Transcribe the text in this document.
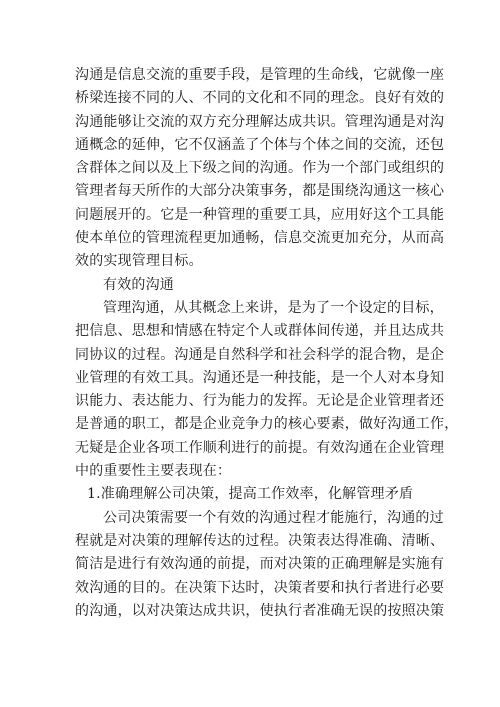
沟通是信息交流的重要手段，是管理的生命线，它就像一座
桥梁连接不同的人、不同的文化和不同的理念。良好有效的
沟通能够让交流的双方充分理解达成共识。管理沟通是对沟
通概念的延伸，它不仅涵盖了个体与个体之间的交流，还包
含群体之间以及上下级之间的沟通。作为一个部门或组织的
管理者每天所作的大部分决策事务，都是围绕沟通这一核心
问题展开的。它是一种管理的重要工具，应用好这个工具能
使本单位的管理流程更加通畅，信息交流更加充分，从而高
效的实现管理目标。
有效的沟通
管理沟通，从其概念上来讲，是为了一个设定的目标，
把信息、思想和情感在特定个人或群体间传递，并且达成共
同协议的过程。沟通是自然科学和社会科学的混合物，是企
业管理的有效工具。沟通还是一种技能，是一个人对本身知
识能力、表达能力、行为能力的发挥。无论是企业管理者还
是普通的职工，都是企业竞争力的核心要素，做好沟通工作，
无疑是企业各项工作顺利进行的前提。有效沟通在企业管理
中的重要性主要表现在：
1.准确理解公司决策，提高工作效率，化解管理矛盾
公司决策需要一个有效的沟通过程才能施行，沟通的过
程就是对决策的理解传达的过程。决策表达得准确、清晰、
简洁是进行有效沟通的前提，而对决策的正确理解是实施有
效沟通的目的。在决策下达时，决策者要和执行者进行必要
的沟通，以对决策达成共识，使执行者准确无误的按照决策
